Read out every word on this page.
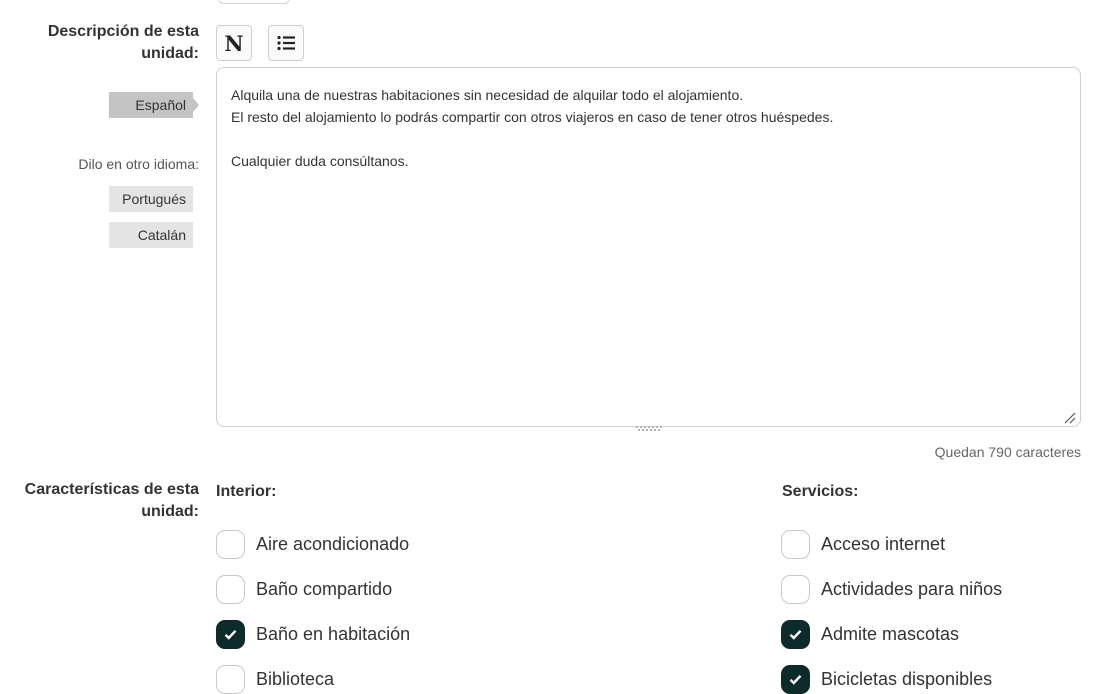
Descripción de esta
unidad: N
Español
Dilo en otro idioma:
Portugués
Catalán

Alquila una de nuestras habitaciones sin necesidad de alquilar todo el alojamiento.

El resto del alojamiento lo podrás compartir con otros viajeros en caso de tener otros huéspedes.

Cualquier duda consúltanos.

Quedan 790 caracteres
Características de esta
unidad:
Interior:
Aire acondicionado
Baño compartido
Baño en habitación
Biblioteca
Servicios:
Acceso internet
Actividades para niños
Admite mascotas
Bicicletas disponibles
